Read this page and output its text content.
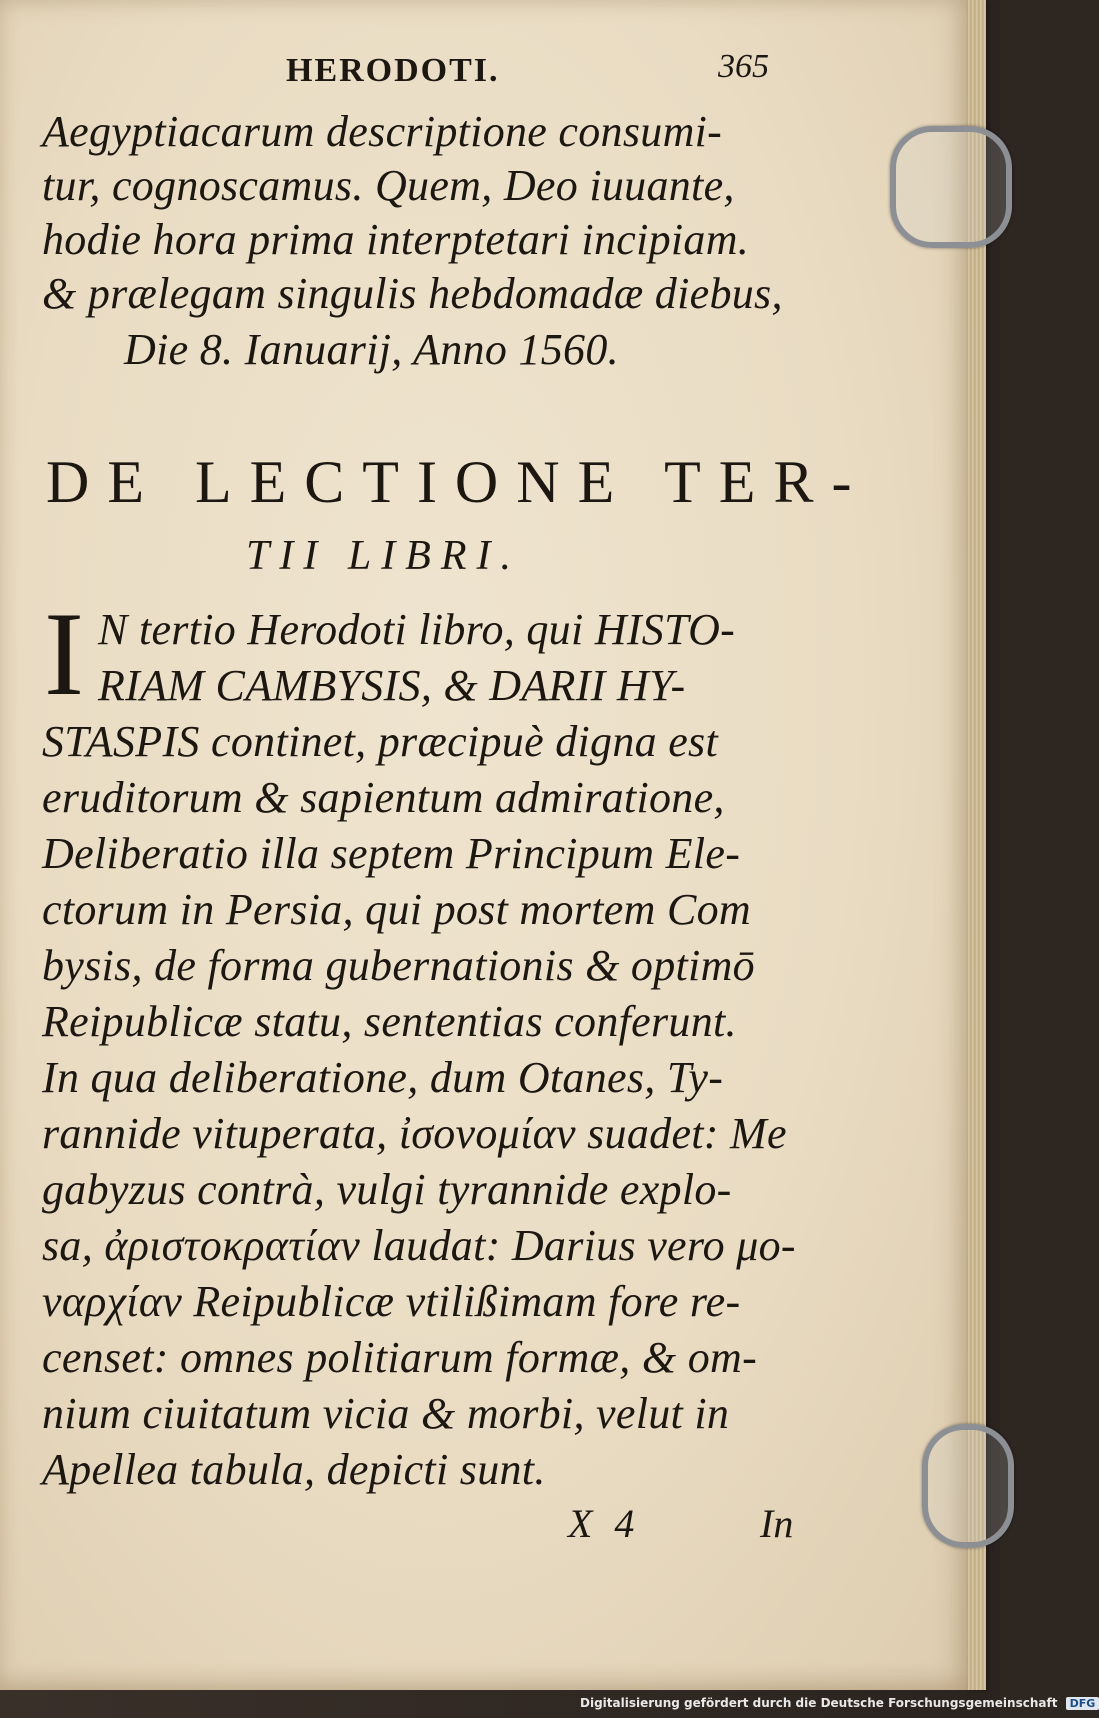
HERODOTI.	365
Aegyptiacarum descriptione consumi-
tur, cognoscamus. Quem, Deo iuuante,
hodie hora prima interptetari incipiam.
& prælegam singulis hebdomadæ diebus,
Die 8. Ianuarij, Anno 1560.
DE LECTIONE TER-
TII LIBRI.
I N tertio Herodoti libro, qui HISTO-
RIAM CAMBYSIS, & DARII HY-
STASPIS continet, præcipuè digna est
eruditorum & sapientum admiratione,
Deliberatio illa septem Principum Ele-
ctorum in Persia, qui post mortem Com
bysis, de forma gubernationis & optimō
Reipublicæ statu, sententias conferunt.
In qua deliberatione, dum Otanes, Ty-
rannide vituperata, ἰσονομίαν suadet: Me
gabyzus contrà, vulgi tyrannide explo-
sa, ἀριστοκρατίαν laudat: Darius vero μο-
ναρχίαν Reipublicæ vtilißimam fore re-
censet: omnes politiarum formæ, & om-
nium ciuitatum vicia & morbi, velut in
Apellea tabula, depicti sunt.
X 4	In
Digitalisierung gefördert durch die Deutsche Forschungsgemeinschaft DFG
